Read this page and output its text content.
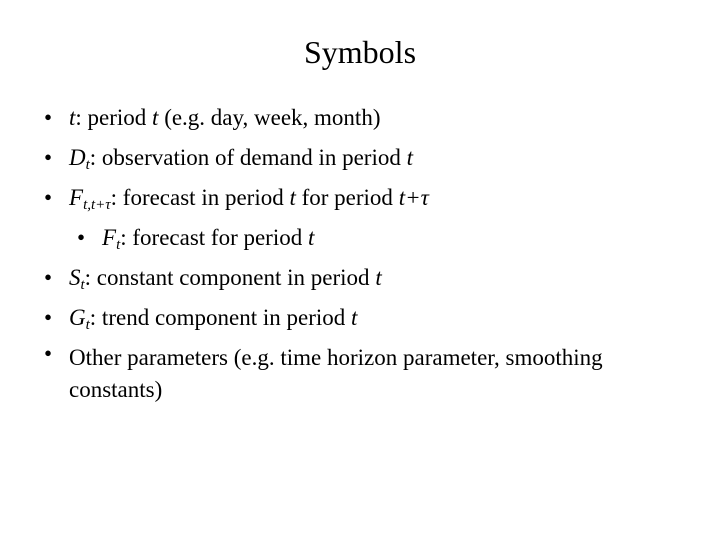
Symbols
• t: period t (e.g. day, week, month)
• Dt: observation of demand in period t
• Ft,t+τ: forecast in period t for period t+τ
• Ft: forecast for period t
• St: constant component in period t
• Gt: trend component in period t
• Other parameters (e.g. time horizon parameter, smoothing constants)
